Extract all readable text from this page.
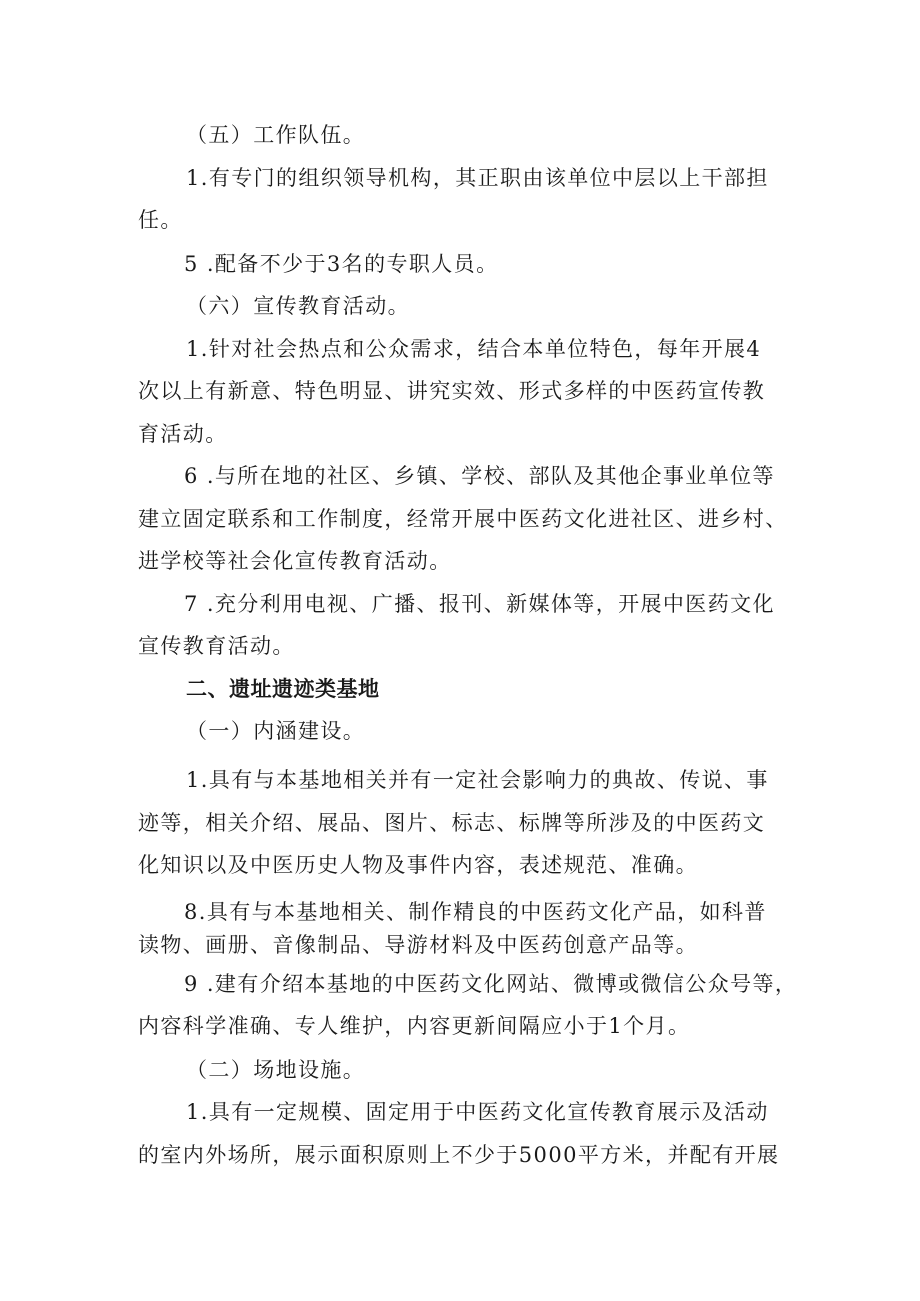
（五）工作队伍。
1.有专门的组织领导机构，其正职由该单位中层以上干部担
任。
5 .配备不少于3名的专职人员。
（六）宣传教育活动。
1.针对社会热点和公众需求，结合本单位特色，每年开展4
次以上有新意、特色明显、讲究实效、形式多样的中医药宣传教
育活动。
6 .与所在地的社区、乡镇、学校、部队及其他企事业单位等
建立固定联系和工作制度，经常开展中医药文化进社区、进乡村、
进学校等社会化宣传教育活动。
7 .充分利用电视、广播、报刊、新媒体等，开展中医药文化
宣传教育活动。
二、遗址遗迹类基地
（一）内涵建设。
1.具有与本基地相关并有一定社会影响力的典故、传说、事
迹等，相关介绍、展品、图片、标志、标牌等所涉及的中医药文
化知识以及中医历史人物及事件内容，表述规范、准确。
8.具有与本基地相关、制作精良的中医药文化产品，如科普
读物、画册、音像制品、导游材料及中医药创意产品等。
9 .建有介绍本基地的中医药文化网站、微博或微信公众号等，
内容科学准确、专人维护，内容更新间隔应小于1个月。
（二）场地设施。
1.具有一定规模、固定用于中医药文化宣传教育展示及活动
的室内外场所，展示面积原则上不少于5000平方米，并配有开展
